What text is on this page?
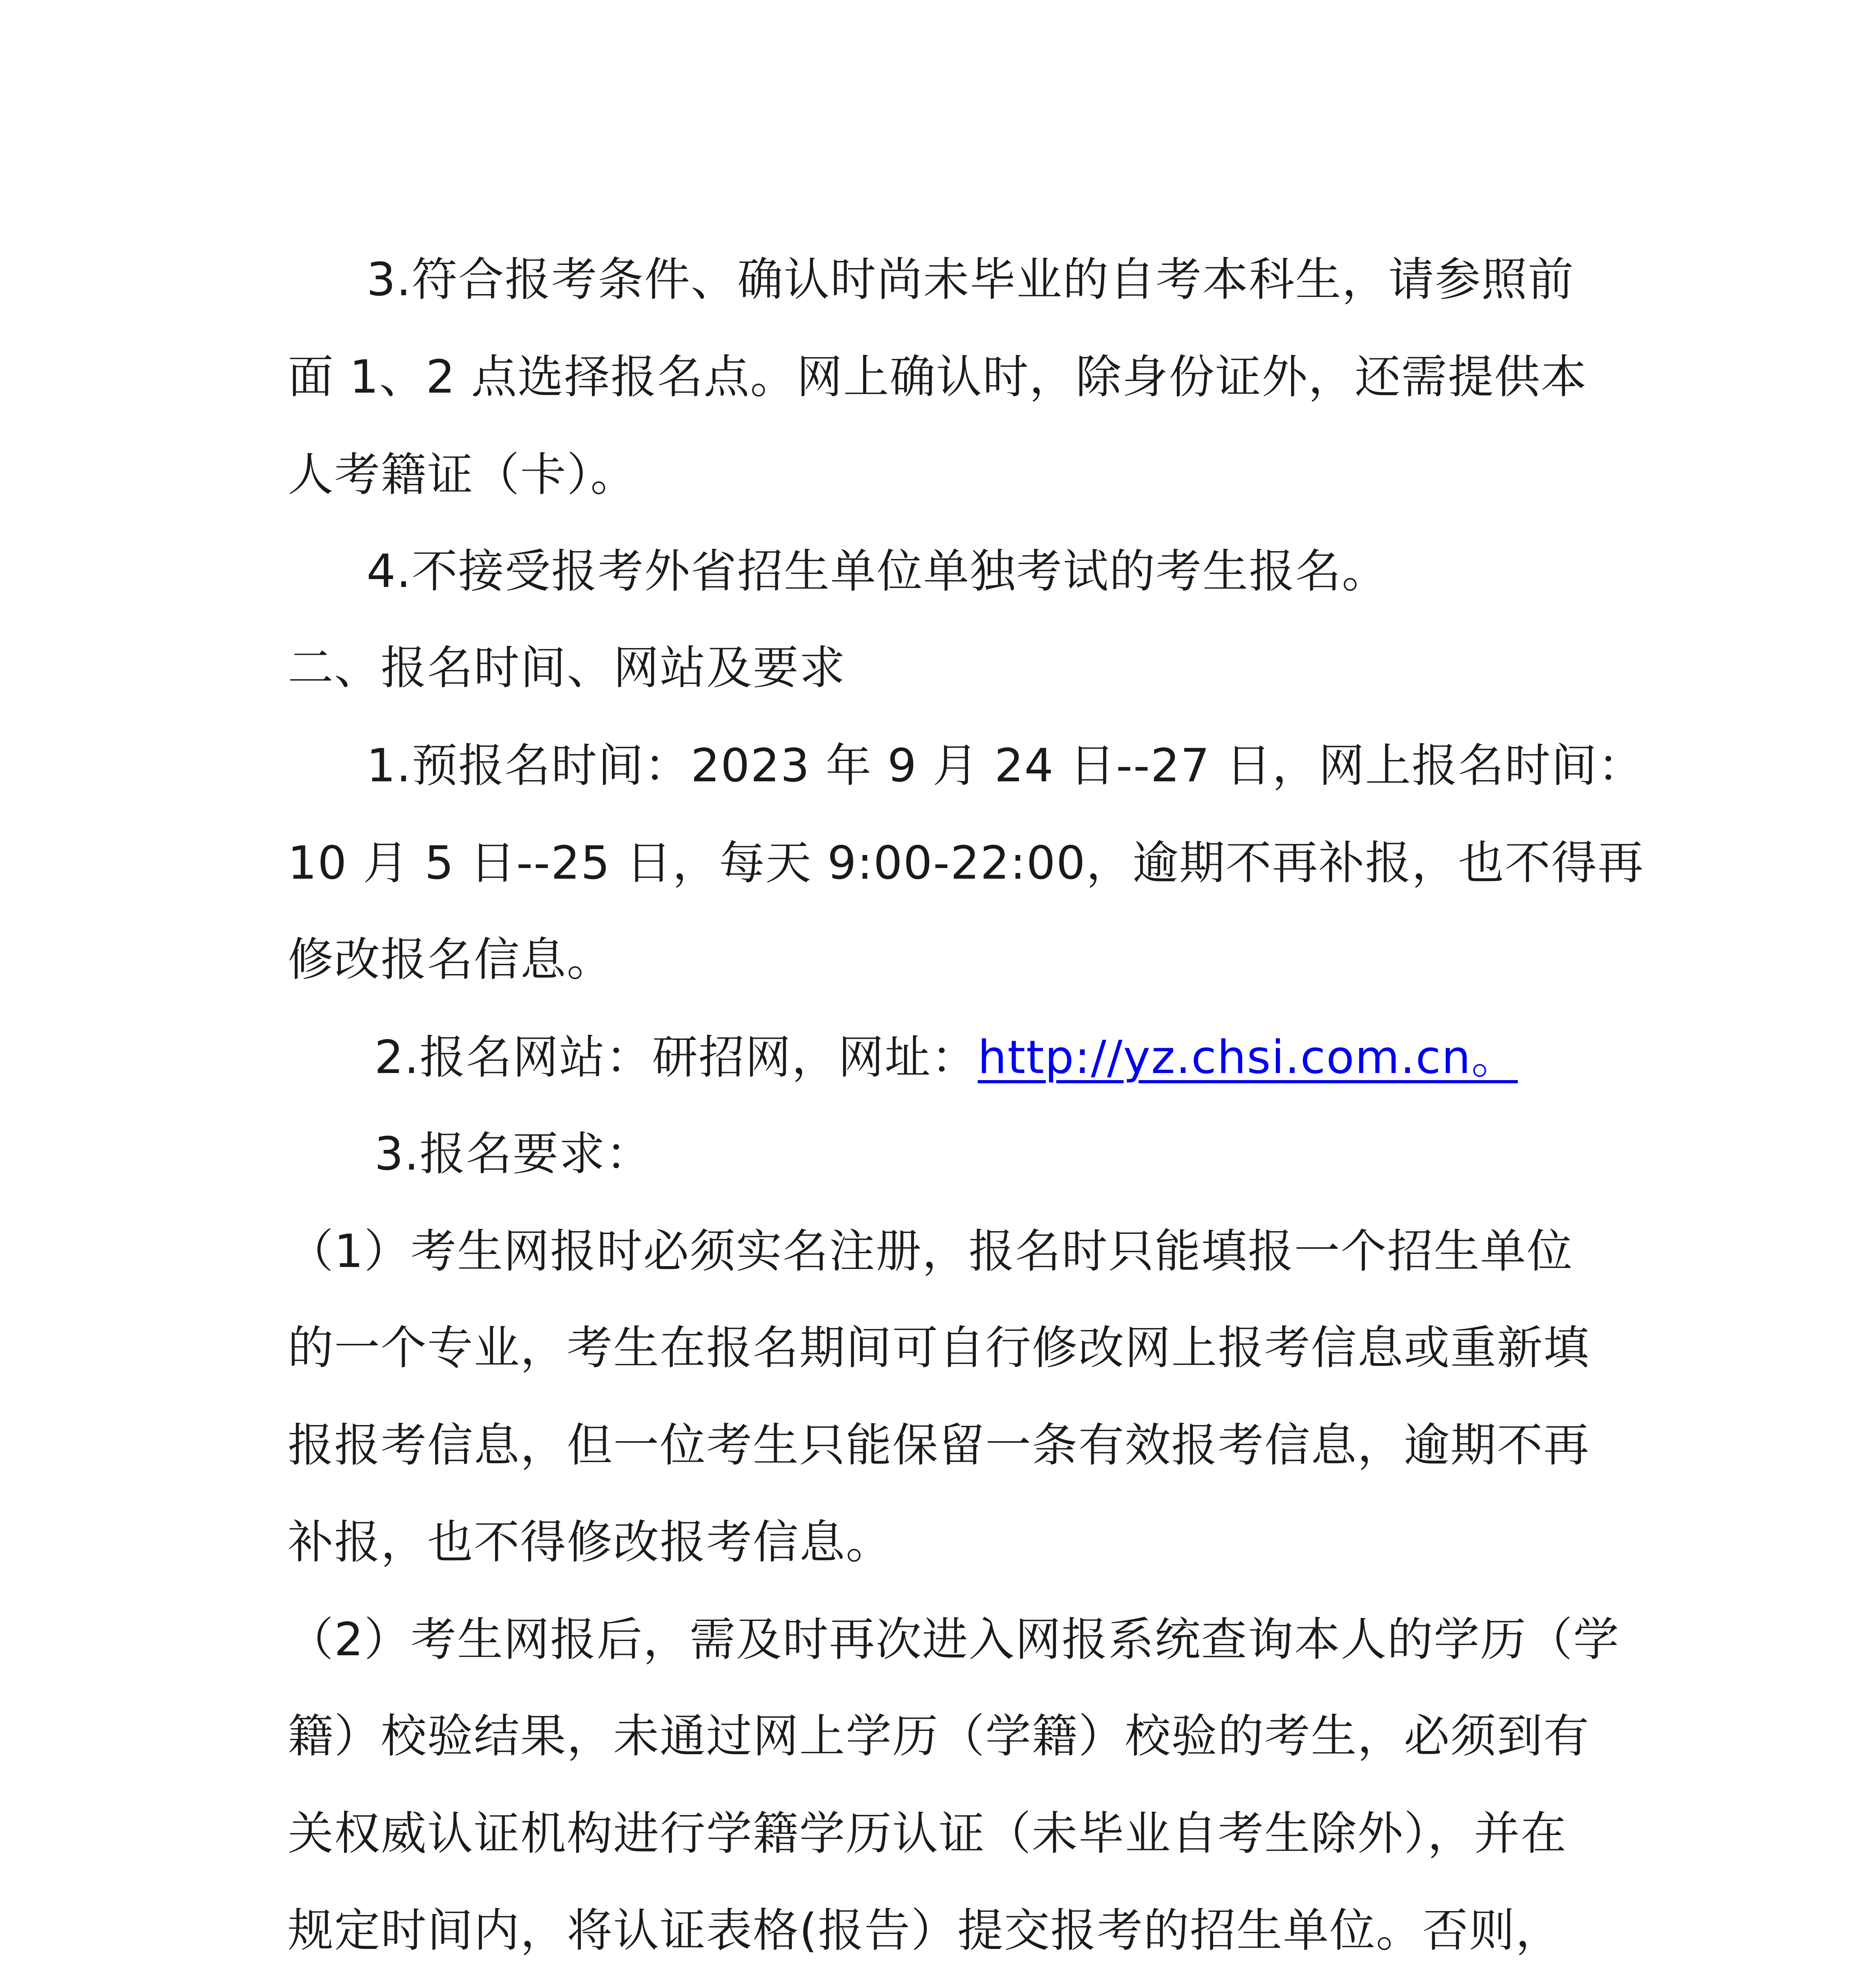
3.符合报考条件、确认时尚未毕业的自考本科生，请参照前
面 1、2 点选择报名点。网上确认时，除身份证外，还需提供本
人考籍证（卡）。
4.不接受报考外省招生单位单独考试的考生报名。
二、报名时间、网站及要求
1.预报名时间：2023 年 9 月 24 日--27 日，网上报名时间：
10 月 5 日--25 日，每天 9:00-22:00，逾期不再补报，也不得再
修改报名信息。
2.报名网站：研招网，网址：http://yz.chsi.com.cn。
3.报名要求：
（1）考生网报时必须实名注册，报名时只能填报一个招生单位
的一个专业，考生在报名期间可自行修改网上报考信息或重新填
报报考信息，但一位考生只能保留一条有效报考信息，逾期不再
补报，也不得修改报考信息。
（2）考生网报后，需及时再次进入网报系统查询本人的学历（学
籍）校验结果，未通过网上学历（学籍）校验的考生，必须到有
关权威认证机构进行学籍学历认证（未毕业自考生除外），并在
规定时间内，将认证表格(报告）提交报考的招生单位。否则，
